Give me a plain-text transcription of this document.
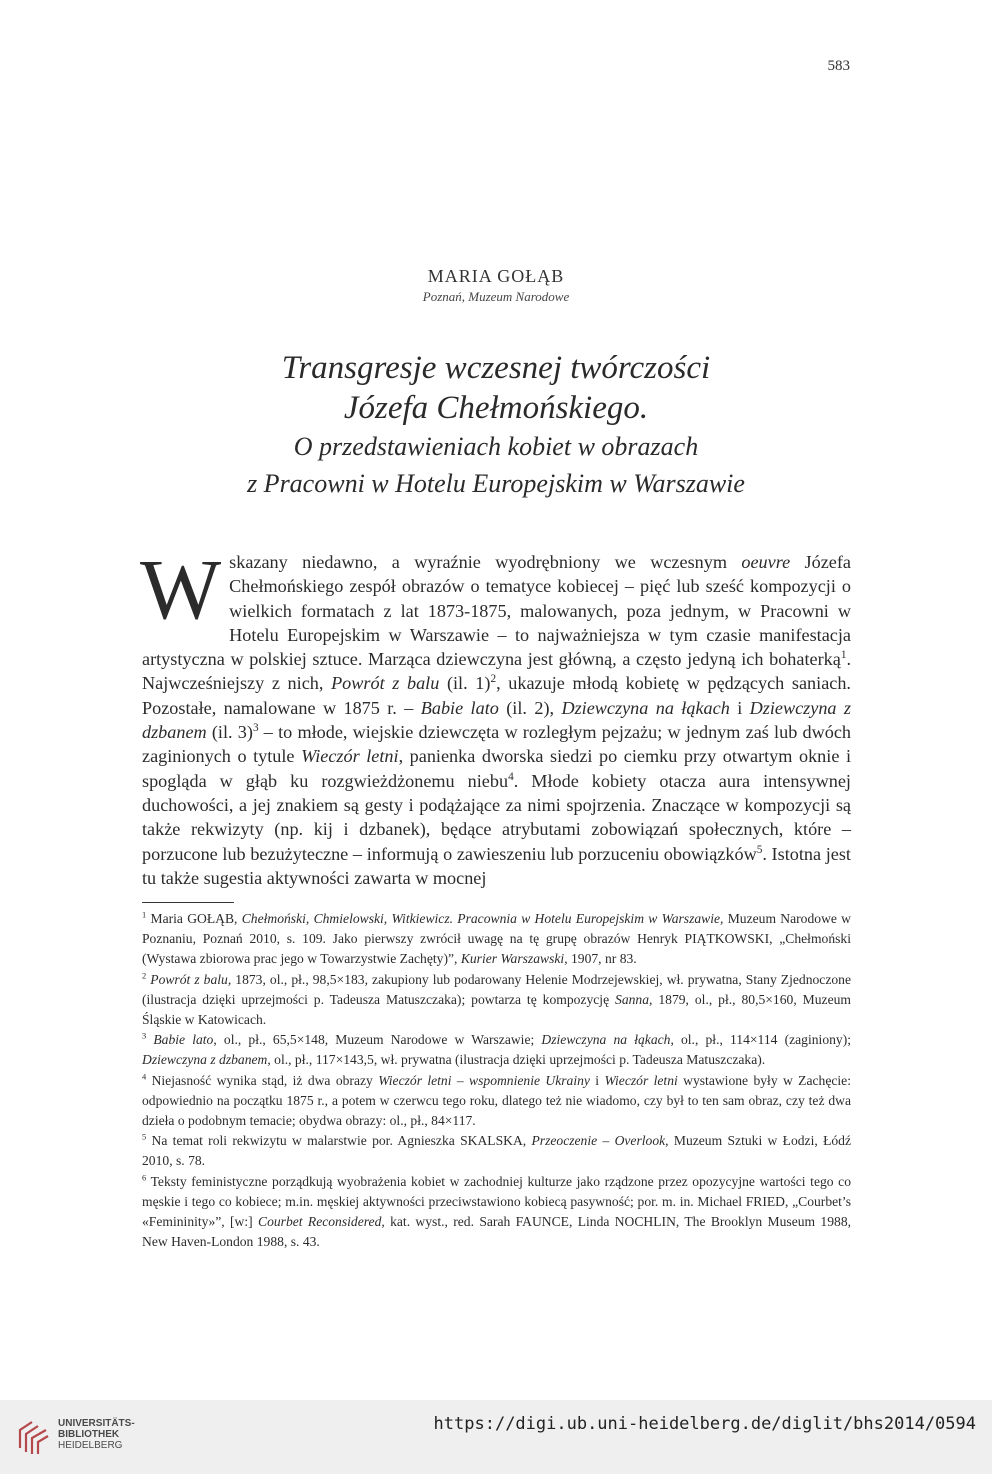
583
MARIA GOŁĄB
Poznań, Muzeum Narodowe
Transgresje wczesnej twórczości
Józefa Chełmońskiego.
O przedstawieniach kobiet w obrazach
z Pracowni w Hotelu Europejskim w Warszawie

Wskazany niedawno, a wyraźnie wyodrębniony we wczesnym oeuvre Józefa Chełmońskiego zespół obrazów o tematyce kobiecej – pięć lub sześć kompozycji o wielkich formatach z lat 1873-1875, malowanych, poza jednym, w Pracowni w Hotelu Europejskim w Warszawie – to najważniejsza w tym czasie manifestacja artystyczna w polskiej sztuce. Marząca dziewczyna jest główną, a często jedyną ich bohaterką$^1$. Najwcześniejszy z nich, Powrót z balu (il. 1)$^2$, ukazuje młodą kobietę w pędzących saniach. Pozostałe, namalowane w 1875 r. – Babie lato (il. 2), Dziewczyna na łąkach i Dziewczyna z dzbanem (il. 3)$^3$ – to młode, wiejskie dziewczęta w rozległym pejzażu; w jednym zaś lub dwóch zaginionych o tytule Wieczór letni, panienka dworska siedzi po ciemku przy otwartym oknie i spogląda w głąb ku rozgwieżdżonemu niebu$^4$. Młode kobiety otacza aura intensywnej duchowości, a jej znakiem są gesty i podążające za nimi spojrzenia. Znaczące w kompozycji są także rekwizyty (np. kij i dzbanek), będące atrybutami zobowiązań społecznych, które – porzucone lub bezużyteczne – informują o zawieszeniu lub porzuceniu obowiązków$^5$. Istotna jest tu także sugestia aktywności zawarta w mocnej

$^1$ Maria GOŁĄB, Chełmoński, Chmielowski, Witkiewicz. Pracownia w Hotelu Europejskim w Warszawie, Muzeum Narodowe w Poznaniu, Poznań 2010, s. 109. Jako pierwszy zwrócił uwagę na tę grupę obrazów Henryk PIĄTKOWSKI, „Chełmoński (Wystawa zbiorowa prac jego w Towarzystwie Zachęty)”, Kurier Warszawski, 1907, nr 83.

$^2$ Powrót z balu, 1873, ol., pł., 98,5×183, zakupiony lub podarowany Helenie Modrzejewskiej, wł. prywatna, Stany Zjednoczone (ilustracja dzięki uprzejmości p. Tadeusza Matuszczaka); powtarza tę kompozycję Sanna, 1879, ol., pł., 80,5×160, Muzeum Śląskie w Katowicach.

$^3$ Babie lato, ol., pł., 65,5×148, Muzeum Narodowe w Warszawie; Dziewczyna na łąkach, ol., pł., 114×114 (zaginiony); Dziewczyna z dzbanem, ol., pł., 117×143,5, wł. prywatna (ilustracja dzięki uprzejmości p. Tadeusza Matuszczaka).

$^4$ Niejasność wynika stąd, iż dwa obrazy Wieczór letni – wspomnienie Ukrainy i Wieczór letni wystawione były w Zachęcie: odpowiednio na początku 1875 r., a potem w czerwcu tego roku, dlatego też nie wiadomo, czy był to ten sam obraz, czy też dwa dzieła o podobnym temacie; obydwa obrazy: ol., pł., 84×117.

$^5$ Na temat roli rekwizytu w malarstwie por. Agnieszka SKALSKA, Przeoczenie – Overlook, Muzeum Sztuki w Łodzi, Łódź 2010, s. 78.

$^6$ Teksty feministyczne porządkują wyobrażenia kobiet w zachodniej kulturze jako rządzone przez opozycyjne wartości tego co męskie i tego co kobiece; m.in. męskiej aktywności przeciwstawiono kobiecą pasywność; por. m. in. Michael FRIED, „Courbet’s «Femininity»”, [w:] Courbet Reconsidered, kat. wyst., red. Sarah FAUNCE, Linda NOCHLIN, The Brooklyn Museum 1988, New Haven-London 1988, s. 43.

UNIVERSITÄTS-
BIBLIOTHEK
HEIDELBERG
https://digi.ub.uni-heidelberg.de/diglit/bhs2014/0594
